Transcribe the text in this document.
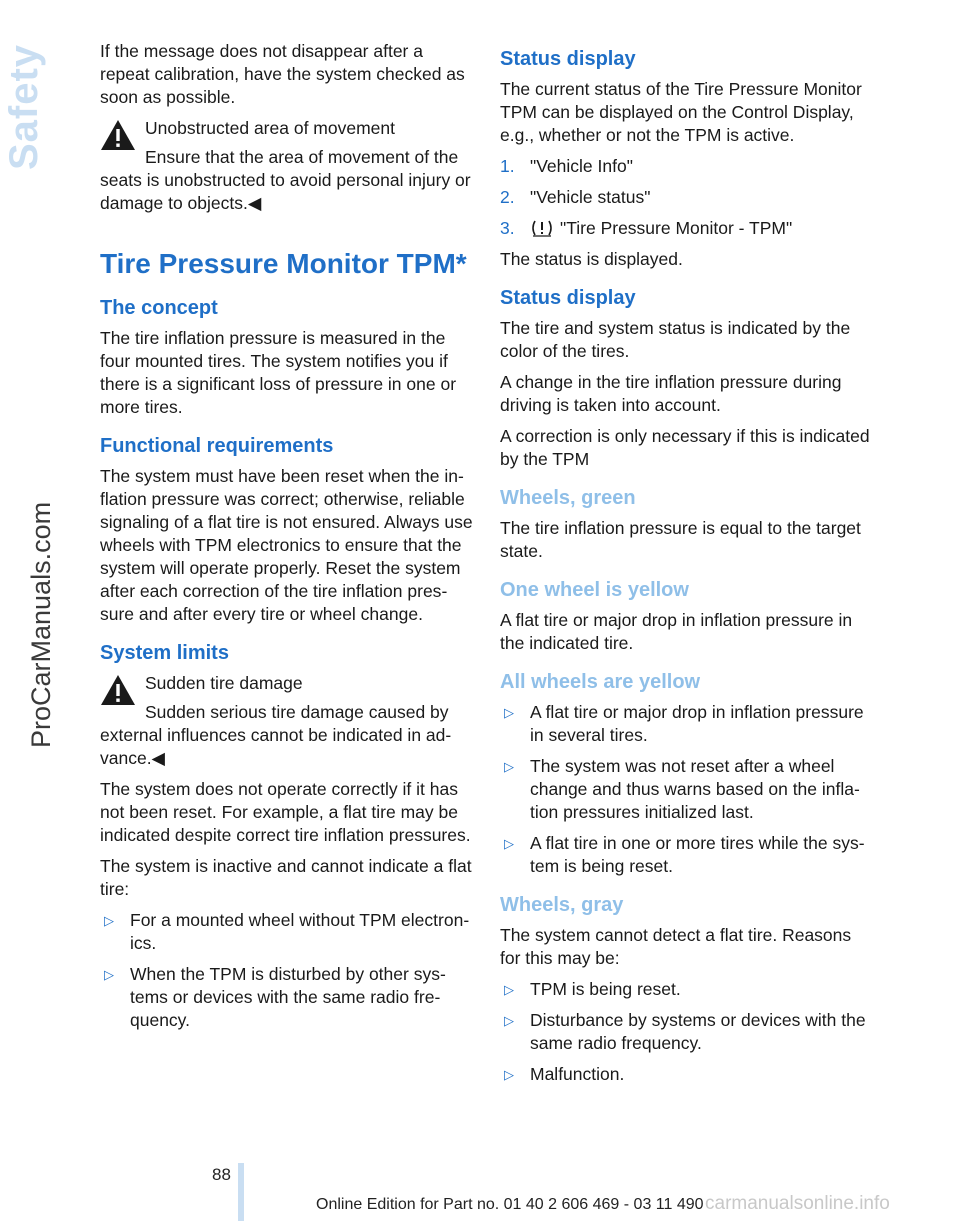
Safety
ProCarManuals.com

If the message does not disappear after a repeat calibration, have the system checked as soon as possible.

Unobstructed area of movement

Ensure that the area of movement of the

seats is unobstructed to avoid personal injury or damage to objects.◀

Tire Pressure Monitor TPM*
The concept

The tire inflation pressure is measured in the four mounted tires. The system notifies you if there is a significant loss of pressure in one or more tires.

Functional requirements

The system must have been reset when the inflation pressure was correct; otherwise, reliable signaling of a flat tire is not ensured. Always use wheels with TPM electronics to ensure that the system will operate properly. Reset the system after each correction of the tire inflation pressure and after every tire or wheel change.

System limits

Sudden tire damage

Sudden serious tire damage caused by

external influences cannot be indicated in advance.◀

The system does not operate correctly if it has not been reset. For example, a flat tire may be indicated despite correct tire inflation pressures.

The system is inactive and cannot indicate a flat tire:

▷ For a mounted wheel without TPM electronics.
▷ When the TPM is disturbed by other systems or devices with the same radio frequency.
Status display

The current status of the Tire Pressure Monitor TPM can be displayed on the Control Display, e.g., whether or not the TPM is active.

1. "Vehicle Info"
2. "Vehicle status"
3.	"Tire Pressure Monitor - TPM"

The status is displayed.

Status display

The tire and system status is indicated by the color of the tires.

A change in the tire inflation pressure during driving is taken into account.

A correction is only necessary if this is indicated by the TPM

Wheels, green

The tire inflation pressure is equal to the target state.

One wheel is yellow

A flat tire or major drop in inflation pressure in the indicated tire.

All wheels are yellow
▷ A flat tire or major drop in inflation pressure in several tires.
▷ The system was not reset after a wheel change and thus warns based on the inflation pressures initialized last.
▷ A flat tire in one or more tires while the system is being reset.
Wheels, gray

The system cannot detect a flat tire. Reasons for this may be:

▷ TPM is being reset.
▷ Disturbance by systems or devices with the same radio frequency.
▷ Malfunction.
88
Online Edition for Part no. 01 40 2 606 469 - 03 11 490 carmanualsonline.info
